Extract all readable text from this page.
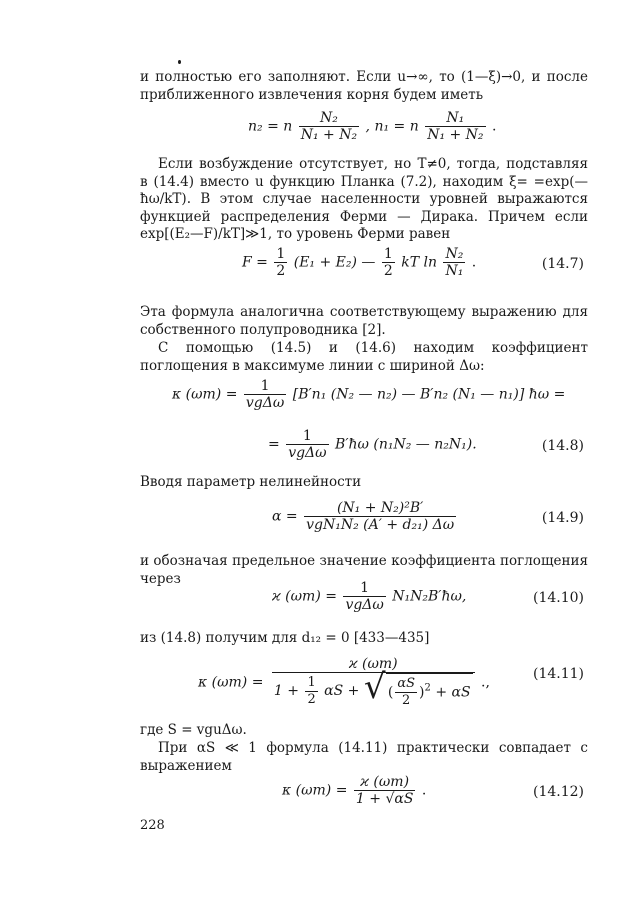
и полностью его заполняют. Если u→∞, то (1—ξ)→0, и после приближенного извлечения корня будем иметь

n₂ = n $\frac{\text{N₂}}{\text{N₁ + N₂}}$ , n₁ = n $\frac{\text{N₁}}{\text{N₁ + N₂}}$ .

Если возбуждение отсутствует, но T≠0, тогда, подставляя в (14.4) вместо u функцию Планка (7.2), находим ξ= =exp(—ħω/kT). В этом случае населенности уровней выражаются функцией распределения Ферми — Дирака. Причем если exp[(E₂—F)/kT]≫1, то уровень Ферми равен

$F = \frac{1}{2} (E_1 + E_2)$ — $\frac{1}{2}$ kT $\ln \frac{\text{N₂}}{\text{N₁}}$ .	(14.7)

Эта формула аналогична соответствующему выражению для собственного полупроводника [2].

С помощью (14.5) и (14.6) находим коэффициент поглощения в максимуме линии с шириной Δω:

κ $(\omega m) = \frac{1}{\text{vgΔω}} [B'n_1$ (N₂ — n₂) — B′n₂ (N₁ — n₁)] ħω =
= $\frac{1}{\text{vgΔω}}$ B′ħω (n₁N₂ — n₂N₁).	(14.8)

Вводя параметр нелинейности

$\alpha = \frac{\text{(N₁ + N₂)²B′}}{\text{vgN₁N₂ (A′ + d₂₁) Δω}}$	(14.9)

и обозначая предельное значение коэффициента поглощения через

ϰ $(\omega m) = \frac{1}{\text{vgΔω}}$ N₁N₂B′ħω,	(14.10)

из (14.8) получим для d₁₂ = 0 [433—435]

κ (ωm) =
ϰ (ωm)
$1 + \frac{1}{2}$ αS + √ ( $\frac{\alpha S}{2} )^2 + \alpha S$
.,
(14.11)

где S = vguΔω.

При αS ≪ 1 формула (14.11) практически совпадает с выражением

κ $(\omega m) = \frac{ϰ (\omega m)}{1 + √\alpha S}$ .	(14.12)
228
